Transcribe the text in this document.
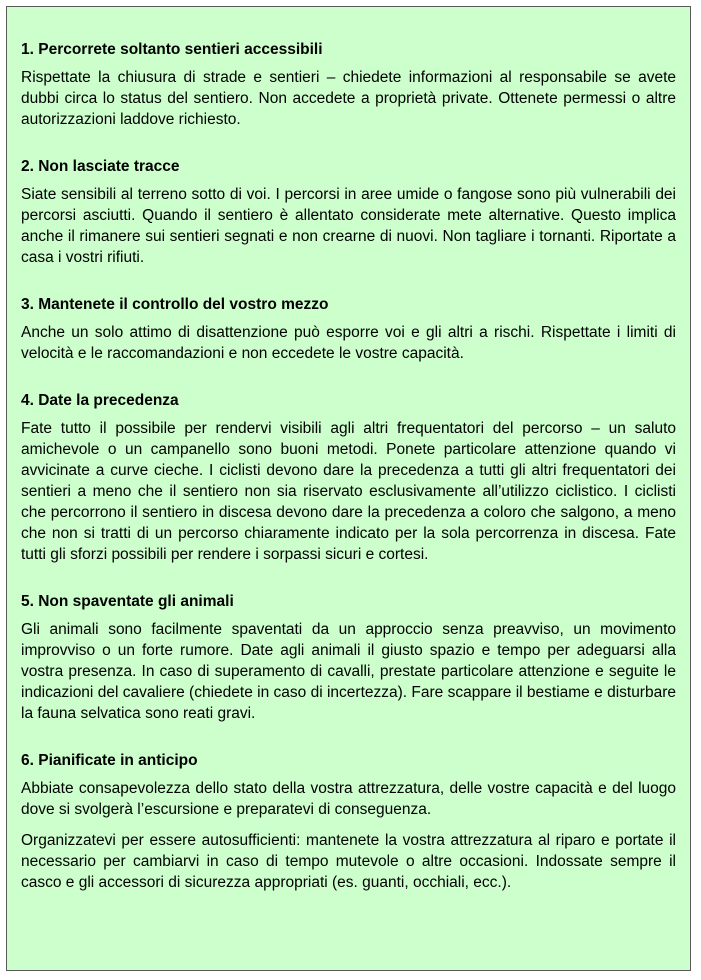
1. Percorrete soltanto sentieri accessibili

Rispettate la chiusura di strade e sentieri – chiedete informazioni al responsabile se avete dubbi circa lo status del sentiero. Non accedete a proprietà private. Ottenete permessi o altre autorizzazioni laddove richiesto.

2. Non lasciate tracce

Siate sensibili al terreno sotto di voi. I percorsi in aree umide o fangose sono più vulnerabili dei percorsi asciutti. Quando il sentiero è allentato considerate mete alternative. Questo implica anche il rimanere sui sentieri segnati e non crearne di nuovi. Non tagliare i tornanti. Riportate a casa i vostri rifiuti.

3. Mantenete il controllo del vostro mezzo

Anche un solo attimo di disattenzione può esporre voi e gli altri a rischi. Rispettate i limiti di velocità e le raccomandazioni e non eccedete le vostre capacità.

4. Date la precedenza

Fate tutto il possibile per rendervi visibili agli altri frequentatori del percorso – un saluto amichevole o un campanello sono buoni metodi. Ponete particolare attenzione quando vi avvicinate a curve cieche. I ciclisti devono dare la precedenza a tutti gli altri frequentatori dei sentieri a meno che il sentiero non sia riservato esclusivamente all’utilizzo ciclistico. I ciclisti che percorrono il sentiero in discesa devono dare la precedenza a coloro che salgono, a meno che non si tratti di un percorso chiaramente indicato per la sola percorrenza in discesa. Fate tutti gli sforzi possibili per rendere i sorpassi sicuri e cortesi.

5. Non spaventate gli animali

Gli animali sono facilmente spaventati da un approccio senza preavviso, un movimento improvviso o un forte rumore. Date agli animali il giusto spazio e tempo per adeguarsi alla vostra presenza. In caso di superamento di cavalli, prestate particolare attenzione e seguite le indicazioni del cavaliere (chiedete in caso di incertezza). Fare scappare il bestiame e disturbare la fauna selvatica sono reati gravi.

6. Pianificate in anticipo

Abbiate consapevolezza dello stato della vostra attrezzatura, delle vostre capacità e del luogo dove si svolgerà l’escursione e preparatevi di conseguenza.

Organizzatevi per essere autosufficienti: mantenete la vostra attrezzatura al riparo e portate il necessario per cambiarvi in caso di tempo mutevole o altre occasioni. Indossate sempre il casco e gli accessori di sicurezza appropriati (es. guanti, occhiali, ecc.).
